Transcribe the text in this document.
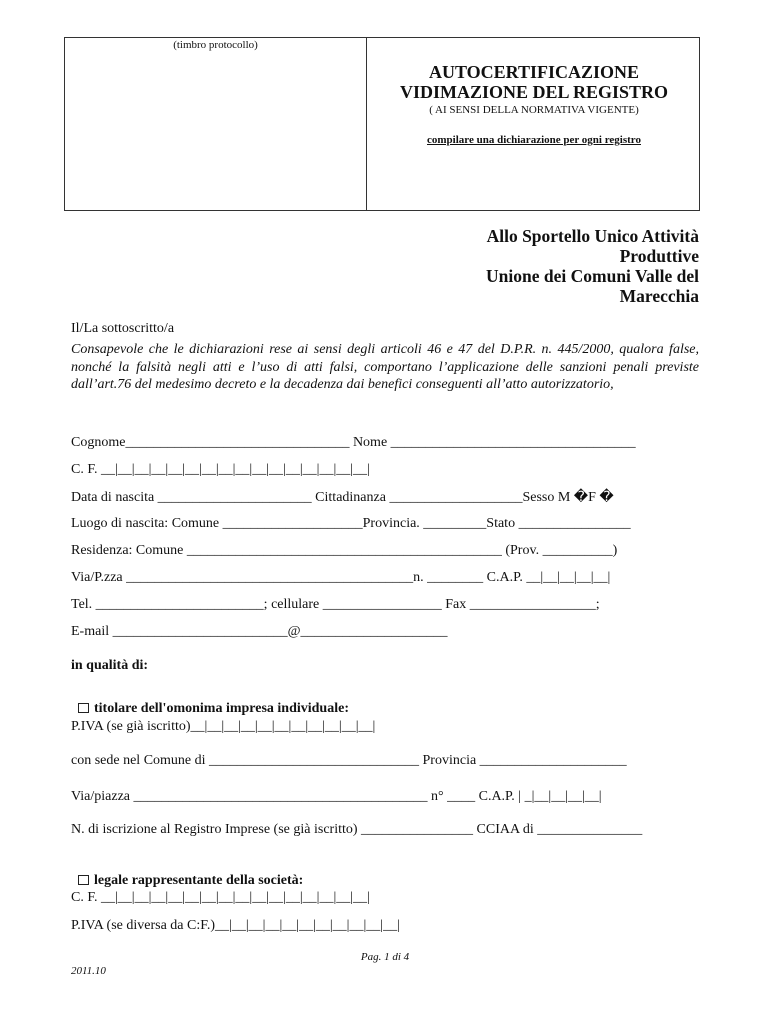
(timbro protocollo)
AUTOCERTIFICAZIONE
VIDIMAZIONE DEL REGISTRO
( AI SENSI DELLA NORMATIVA VIGENTE)
compilare una dichiarazione per ogni registro
Allo Sportello Unico Attività
Produttive
Unione dei Comuni Valle del
Marecchia
Il/La sottoscritto/a
Consapevole che le dichiarazioni rese ai sensi degli articoli 46 e 47 del D.P.R. n. 445/2000, qualora false, nonché la falsità negli atti e l’uso di atti falsi, comportano l’applicazione delle sanzioni penali previste dall’art.76 del medesimo decreto e la decadenza dai benefici conseguenti all’atto autorizzatorio,
Cognome________________________________ Nome ___________________________________
C. F. __|__|__|__|__|__|__|__|__|__|__|__|__|__|__|__|
Data di nascita ______________________ Cittadinanza ___________________Sesso M �F �
Luogo di nascita: Comune ____________________Provincia. _________Stato ________________
Residenza: Comune _____________________________________________ (Prov. __________)
Via/P.zza _________________________________________n. ________ C.A.P. __|__|__|__|__|
Tel. ________________________; cellulare _________________ Fax __________________;
E-mail _________________________@_____________________
in qualità di:

titolare dell'omonima impresa individuale:

P.IVA (se già iscritto)__|__|__|__|__|__|__|__|__|__|__|
con sede nel Comune di ______________________________ Provincia _____________________
Via/piazza __________________________________________ n° ____ C.A.P. | _|__|__|__|__|
N. di iscrizione al Registro Imprese (se già iscritto) ________________ CCIAA di _______________

legale rappresentante della società:

C. F. __|__|__|__|__|__|__|__|__|__|__|__|__|__|__|__|
P.IVA (se diversa da C:F.)__|__|__|__|__|__|__|__|__|__|__|
Pag. 1 di 4
2011.10
